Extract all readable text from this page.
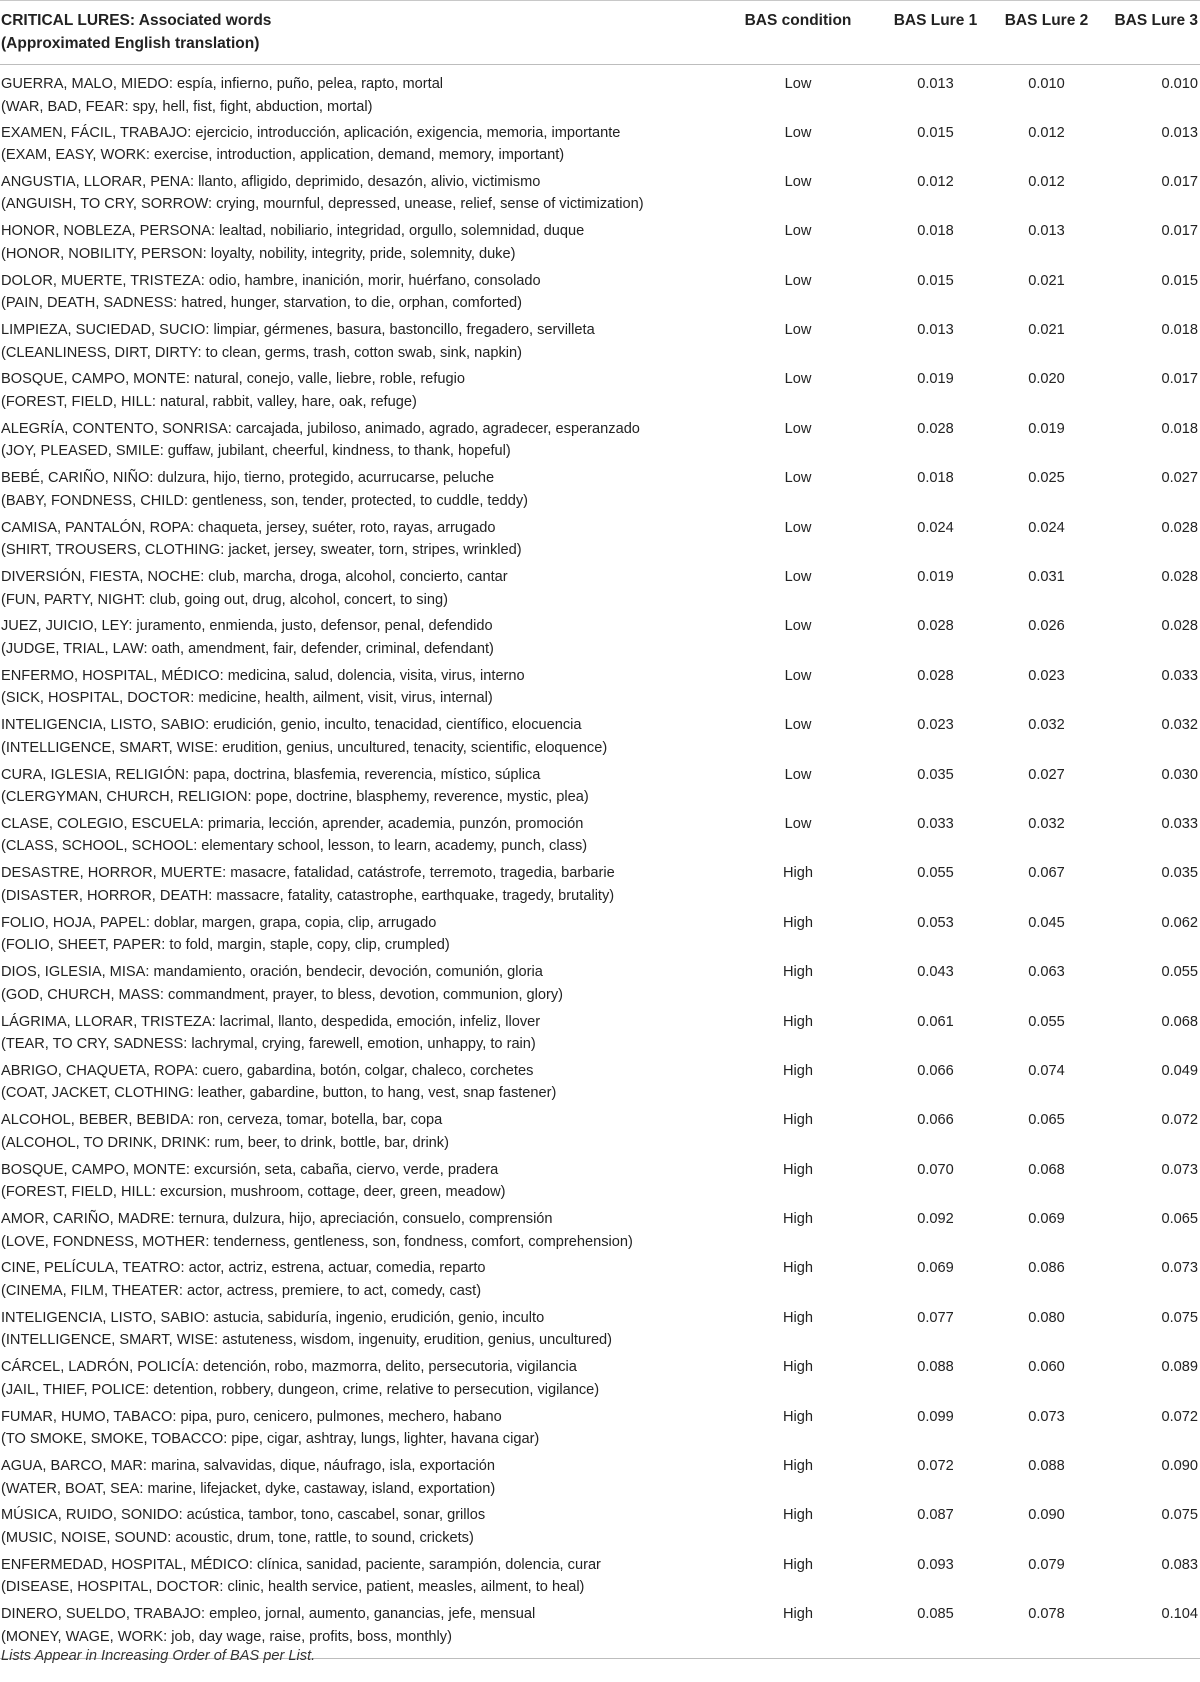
CRITICAL LURES: Associated words
(Approximated English translation)	BAS condition	BAS Lure 1	BAS Lure 2	BAS Lure 3

GUERRA, MALO, MIEDO: espía, infierno, puño, pelea, rapto, mortal
(WAR, BAD, FEAR: spy, hell, fist, fight, abduction, mortal)	Low	0.013	0.010	0.010

EXAMEN, FÁCIL, TRABAJO: ejercicio, introducción, aplicación, exigencia, memoria, importante
(EXAM, EASY, WORK: exercise, introduction, application, demand, memory, important)	Low	0.015	0.012	0.013

ANGUSTIA, LLORAR, PENA: llanto, afligido, deprimido, desazón, alivio, victimismo
(ANGUISH, TO CRY, SORROW: crying, mournful, depressed, unease, relief, sense of victimization)	Low	0.012	0.012	0.017

HONOR, NOBLEZA, PERSONA: lealtad, nobiliario, integridad, orgullo, solemnidad, duque
(HONOR, NOBILITY, PERSON: loyalty, nobility, integrity, pride, solemnity, duke)	Low	0.018	0.013	0.017

DOLOR, MUERTE, TRISTEZA: odio, hambre, inanición, morir, huérfano, consolado
(PAIN, DEATH, SADNESS: hatred, hunger, starvation, to die, orphan, comforted)	Low	0.015	0.021	0.015

LIMPIEZA, SUCIEDAD, SUCIO: limpiar, gérmenes, basura, bastoncillo, fregadero, servilleta
(CLEANLINESS, DIRT, DIRTY: to clean, germs, trash, cotton swab, sink, napkin)	Low	0.013	0.021	0.018

BOSQUE, CAMPO, MONTE: natural, conejo, valle, liebre, roble, refugio
(FOREST, FIELD, HILL: natural, rabbit, valley, hare, oak, refuge)	Low	0.019	0.020	0.017

ALEGRÍA, CONTENTO, SONRISA: carcajada, jubiloso, animado, agrado, agradecer, esperanzado
(JOY, PLEASED, SMILE: guffaw, jubilant, cheerful, kindness, to thank, hopeful)	Low	0.028	0.019	0.018

BEBÉ, CARIÑO, NIÑO: dulzura, hijo, tierno, protegido, acurrucarse, peluche
(BABY, FONDNESS, CHILD: gentleness, son, tender, protected, to cuddle, teddy)	Low	0.018	0.025	0.027

CAMISA, PANTALÓN, ROPA: chaqueta, jersey, suéter, roto, rayas, arrugado
(SHIRT, TROUSERS, CLOTHING: jacket, jersey, sweater, torn, stripes, wrinkled)	Low	0.024	0.024	0.028

DIVERSIÓN, FIESTA, NOCHE: club, marcha, droga, alcohol, concierto, cantar
(FUN, PARTY, NIGHT: club, going out, drug, alcohol, concert, to sing)	Low	0.019	0.031	0.028

JUEZ, JUICIO, LEY: juramento, enmienda, justo, defensor, penal, defendido
(JUDGE, TRIAL, LAW: oath, amendment, fair, defender, criminal, defendant)	Low	0.028	0.026	0.028

ENFERMO, HOSPITAL, MÉDICO: medicina, salud, dolencia, visita, virus, interno
(SICK, HOSPITAL, DOCTOR: medicine, health, ailment, visit, virus, internal)	Low	0.028	0.023	0.033

INTELIGENCIA, LISTO, SABIO: erudición, genio, inculto, tenacidad, científico, elocuencia
(INTELLIGENCE, SMART, WISE: erudition, genius, uncultured, tenacity, scientific, eloquence)	Low	0.023	0.032	0.032

CURA, IGLESIA, RELIGIÓN: papa, doctrina, blasfemia, reverencia, místico, súplica
(CLERGYMAN, CHURCH, RELIGION: pope, doctrine, blasphemy, reverence, mystic, plea)	Low	0.035	0.027	0.030

CLASE, COLEGIO, ESCUELA: primaria, lección, aprender, academia, punzón, promoción
(CLASS, SCHOOL, SCHOOL: elementary school, lesson, to learn, academy, punch, class)	Low	0.033	0.032	0.033

DESASTRE, HORROR, MUERTE: masacre, fatalidad, catástrofe, terremoto, tragedia, barbarie
(DISASTER, HORROR, DEATH: massacre, fatality, catastrophe, earthquake, tragedy, brutality)	High	0.055	0.067	0.035

FOLIO, HOJA, PAPEL: doblar, margen, grapa, copia, clip, arrugado
(FOLIO, SHEET, PAPER: to fold, margin, staple, copy, clip, crumpled)	High	0.053	0.045	0.062

DIOS, IGLESIA, MISA: mandamiento, oración, bendecir, devoción, comunión, gloria
(GOD, CHURCH, MASS: commandment, prayer, to bless, devotion, communion, glory)	High	0.043	0.063	0.055

LÁGRIMA, LLORAR, TRISTEZA: lacrimal, llanto, despedida, emoción, infeliz, llover
(TEAR, TO CRY, SADNESS: lachrymal, crying, farewell, emotion, unhappy, to rain)	High	0.061	0.055	0.068

ABRIGO, CHAQUETA, ROPA: cuero, gabardina, botón, colgar, chaleco, corchetes
(COAT, JACKET, CLOTHING: leather, gabardine, button, to hang, vest, snap fastener)	High	0.066	0.074	0.049

ALCOHOL, BEBER, BEBIDA: ron, cerveza, tomar, botella, bar, copa
(ALCOHOL, TO DRINK, DRINK: rum, beer, to drink, bottle, bar, drink)	High	0.066	0.065	0.072

BOSQUE, CAMPO, MONTE: excursión, seta, cabaña, ciervo, verde, pradera
(FOREST, FIELD, HILL: excursion, mushroom, cottage, deer, green, meadow)	High	0.070	0.068	0.073

AMOR, CARIÑO, MADRE: ternura, dulzura, hijo, apreciación, consuelo, comprensión
(LOVE, FONDNESS, MOTHER: tenderness, gentleness, son, fondness, comfort, comprehension)	High	0.092	0.069	0.065

CINE, PELÍCULA, TEATRO: actor, actriz, estrena, actuar, comedia, reparto
(CINEMA, FILM, THEATER: actor, actress, premiere, to act, comedy, cast)	High	0.069	0.086	0.073

INTELIGENCIA, LISTO, SABIO: astucia, sabiduría, ingenio, erudición, genio, inculto
(INTELLIGENCE, SMART, WISE: astuteness, wisdom, ingenuity, erudition, genius, uncultured)	High	0.077	0.080	0.075

CÁRCEL, LADRÓN, POLICÍA: detención, robo, mazmorra, delito, persecutoria, vigilancia
(JAIL, THIEF, POLICE: detention, robbery, dungeon, crime, relative to persecution, vigilance)	High	0.088	0.060	0.089

FUMAR, HUMO, TABACO: pipa, puro, cenicero, pulmones, mechero, habano
(TO SMOKE, SMOKE, TOBACCO: pipe, cigar, ashtray, lungs, lighter, havana cigar)	High	0.099	0.073	0.072

AGUA, BARCO, MAR: marina, salvavidas, dique, náufrago, isla, exportación
(WATER, BOAT, SEA: marine, lifejacket, dyke, castaway, island, exportation)	High	0.072	0.088	0.090

MÚSICA, RUIDO, SONIDO: acústica, tambor, tono, cascabel, sonar, grillos
(MUSIC, NOISE, SOUND: acoustic, drum, tone, rattle, to sound, crickets)	High	0.087	0.090	0.075

ENFERMEDAD, HOSPITAL, MÉDICO: clínica, sanidad, paciente, sarampión, dolencia, curar
(DISEASE, HOSPITAL, DOCTOR: clinic, health service, patient, measles, ailment, to heal)	High	0.093	0.079	0.083

DINERO, SUELDO, TRABAJO: empleo, jornal, aumento, ganancias, jefe, mensual
(MONEY, WAGE, WORK: job, day wage, raise, profits, boss, monthly)	High	0.085	0.078	0.104
Lists Appear in Increasing Order of BAS per List.
